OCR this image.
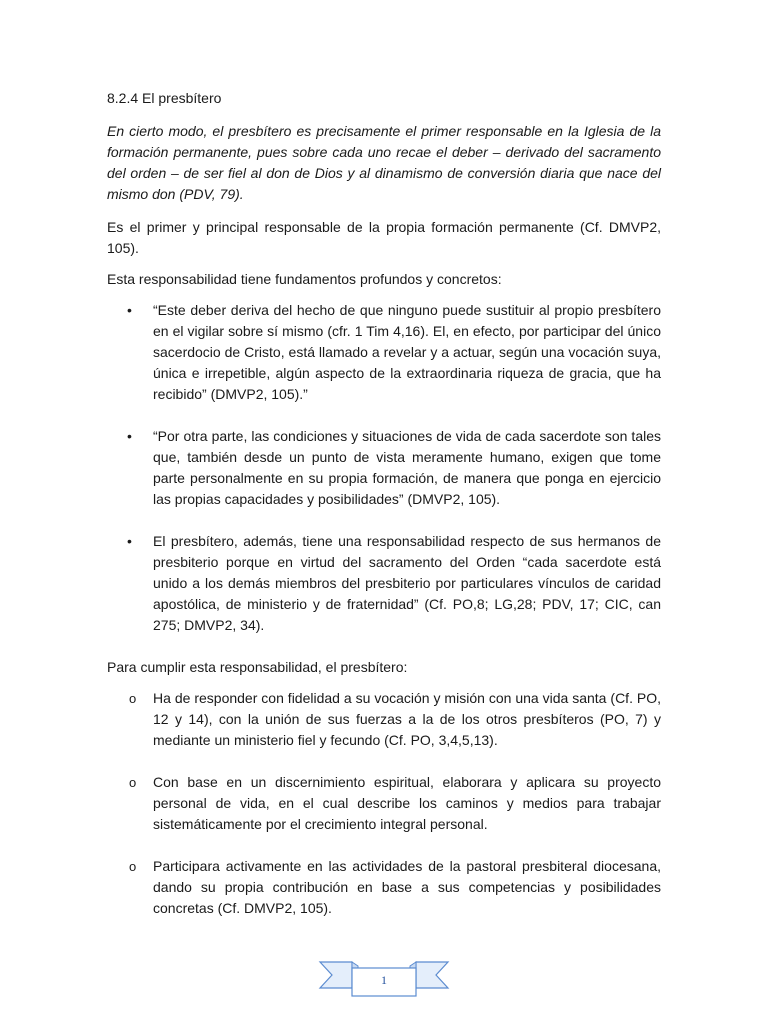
8.2.4 El presbítero
En cierto modo, el presbítero es precisamente el primer responsable en la Iglesia de la formación permanente, pues sobre cada uno recae el deber – derivado del sacramento del orden – de ser fiel al don de Dios y al dinamismo de conversión diaria que nace del mismo don (PDV, 79).
Es el primer y principal responsable de la propia formación permanente (Cf. DMVP2, 105).
Esta responsabilidad tiene fundamentos profundos y concretos:
• “Este deber deriva del hecho de que ninguno puede sustituir al propio presbítero en el vigilar sobre sí mismo (cfr. 1 Tim 4,16). El, en efecto, por participar del único sacerdocio de Cristo, está llamado a revelar y a actuar, según una vocación suya, única e irrepetible, algún aspecto de la extraordinaria riqueza de gracia, que ha recibido” (DMVP2, 105).”
• “Por otra parte, las condiciones y situaciones de vida de cada sacerdote son tales que, también desde un punto de vista meramente humano, exigen que tome parte personalmente en su propia formación, de manera que ponga en ejercicio las propias capacidades y posibilidades” (DMVP2, 105).
• El presbítero, además, tiene una responsabilidad respecto de sus hermanos de presbiterio porque en virtud del sacramento del Orden “cada sacerdote está unido a los demás miembros del presbiterio por particulares vínculos de caridad apostólica, de ministerio y de fraternidad” (Cf. PO,8; LG,28; PDV, 17; CIC, can 275; DMVP2, 34).
Para cumplir esta responsabilidad, el presbítero:
o Ha de responder con fidelidad a su vocación y misión con una vida santa (Cf. PO, 12 y 14), con la unión de sus fuerzas a la de los otros presbíteros (PO, 7) y mediante un ministerio fiel y fecundo (Cf. PO, 3,4,5,13).
o Con base en un discernimiento espiritual, elaborara y aplicara su proyecto personal de vida, en el cual describe los caminos y medios para trabajar sistemáticamente por el crecimiento integral personal.
o Participara activamente en las actividades de la pastoral presbiteral diocesana, dando su propia contribución en base a sus competencias y posibilidades concretas (Cf. DMVP2, 105).
1
